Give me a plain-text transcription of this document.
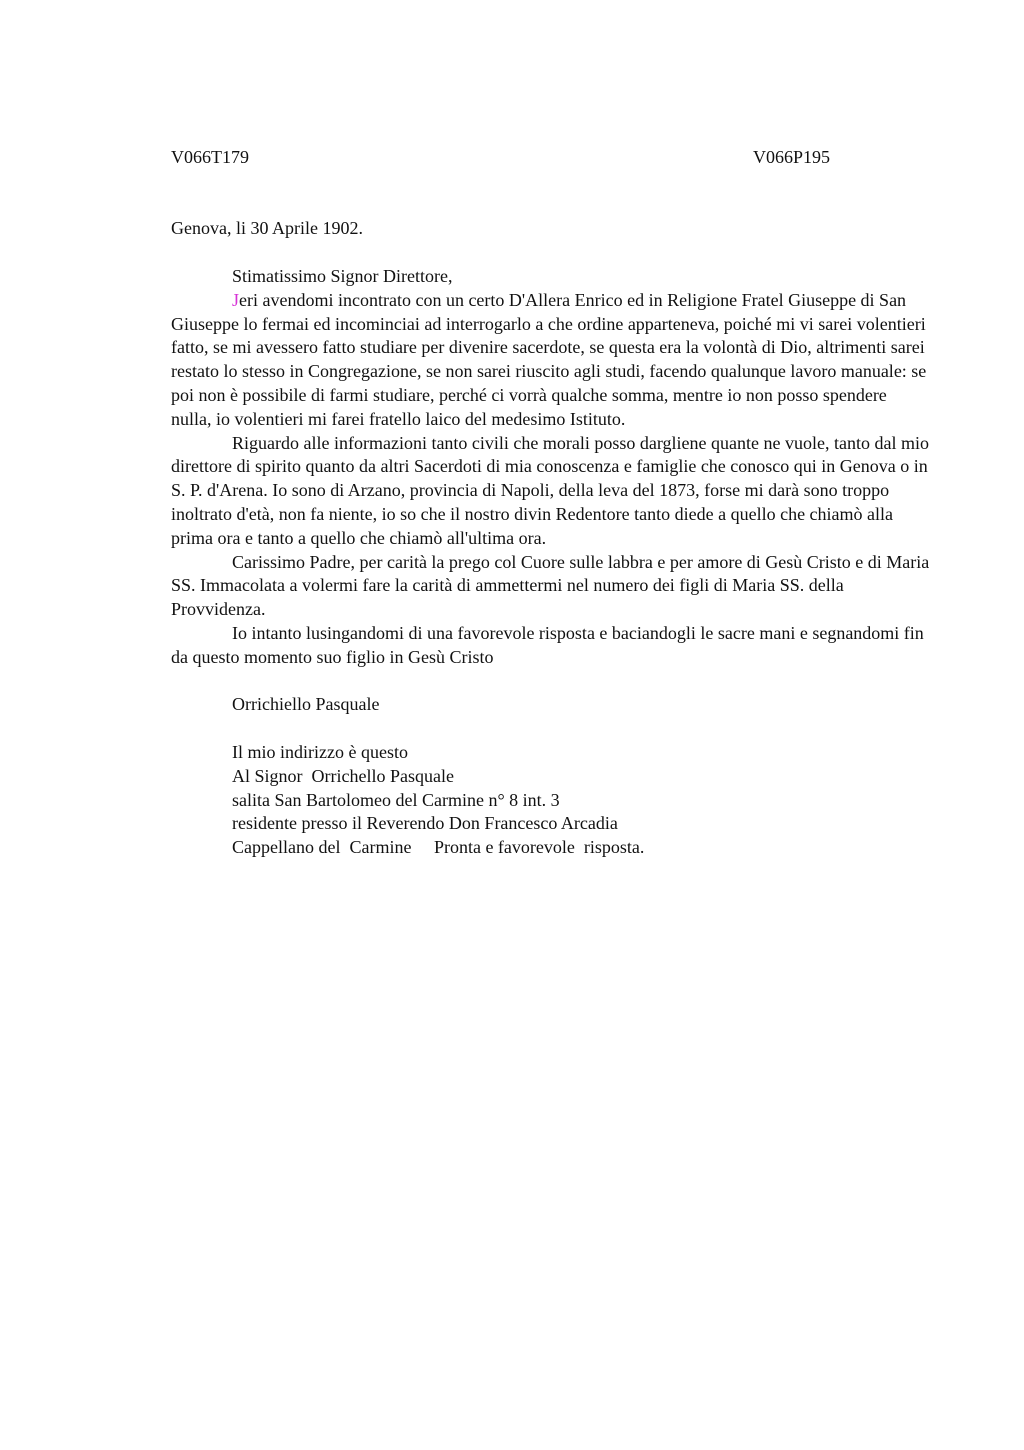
V066T179	V066P195
Genova, li 30 Aprile 1902.
Stimatissimo Signor Direttore,

Jeri avendomi incontrato con un certo D'Allera Enrico ed in Religione Fratel Giuseppe di San Giuseppe lo fermai ed incominciai ad interrogarlo a che ordine apparteneva, poiché mi vi sarei volentieri fatto, se mi avessero fatto studiare per divenire sacerdote, se questa era la volontà di Dio, altrimenti sarei restato lo stesso in Congregazione, se non sarei riuscito agli studi, facendo qualunque lavoro manuale: se poi non è possibile di farmi studiare, perché ci vorrà qualche somma, mentre io non posso spendere nulla, io volentieri mi farei fratello laico del medesimo Istituto.

Riguardo alle informazioni tanto civili che morali posso dargliene quante ne vuole, tanto dal mio direttore di spirito quanto da altri Sacerdoti di mia conoscenza e famiglie che conosco qui in Genova o in S. P. d'Arena. Io sono di Arzano, provincia di Napoli, della leva del 1873, forse mi darà sono troppo inoltrato d'età, non fa niente, io so che il nostro divin Redentore tanto diede a quello che chiamò alla prima ora e tanto a quello che chiamò all'ultima ora.

Carissimo Padre, per carità la prego col Cuore sulle labbra e per amore di Gesù Cristo e di Maria SS. Immacolata a volermi fare la carità di ammettermi nel numero dei figli di Maria SS. della Provvidenza.

Io intanto lusingandomi di una favorevole risposta e baciandogli le sacre mani e segnandomi fin da questo momento suo figlio in Gesù Cristo

Orrichiello Pasquale
Il mio indirizzo è questo
Al Signor  Orrichello Pasquale
salita San Bartolomeo del Carmine n° 8 int. 3
residente presso il Reverendo Don Francesco Arcadia
Cappellano del  Carmine     Pronta e favorevole  risposta.
